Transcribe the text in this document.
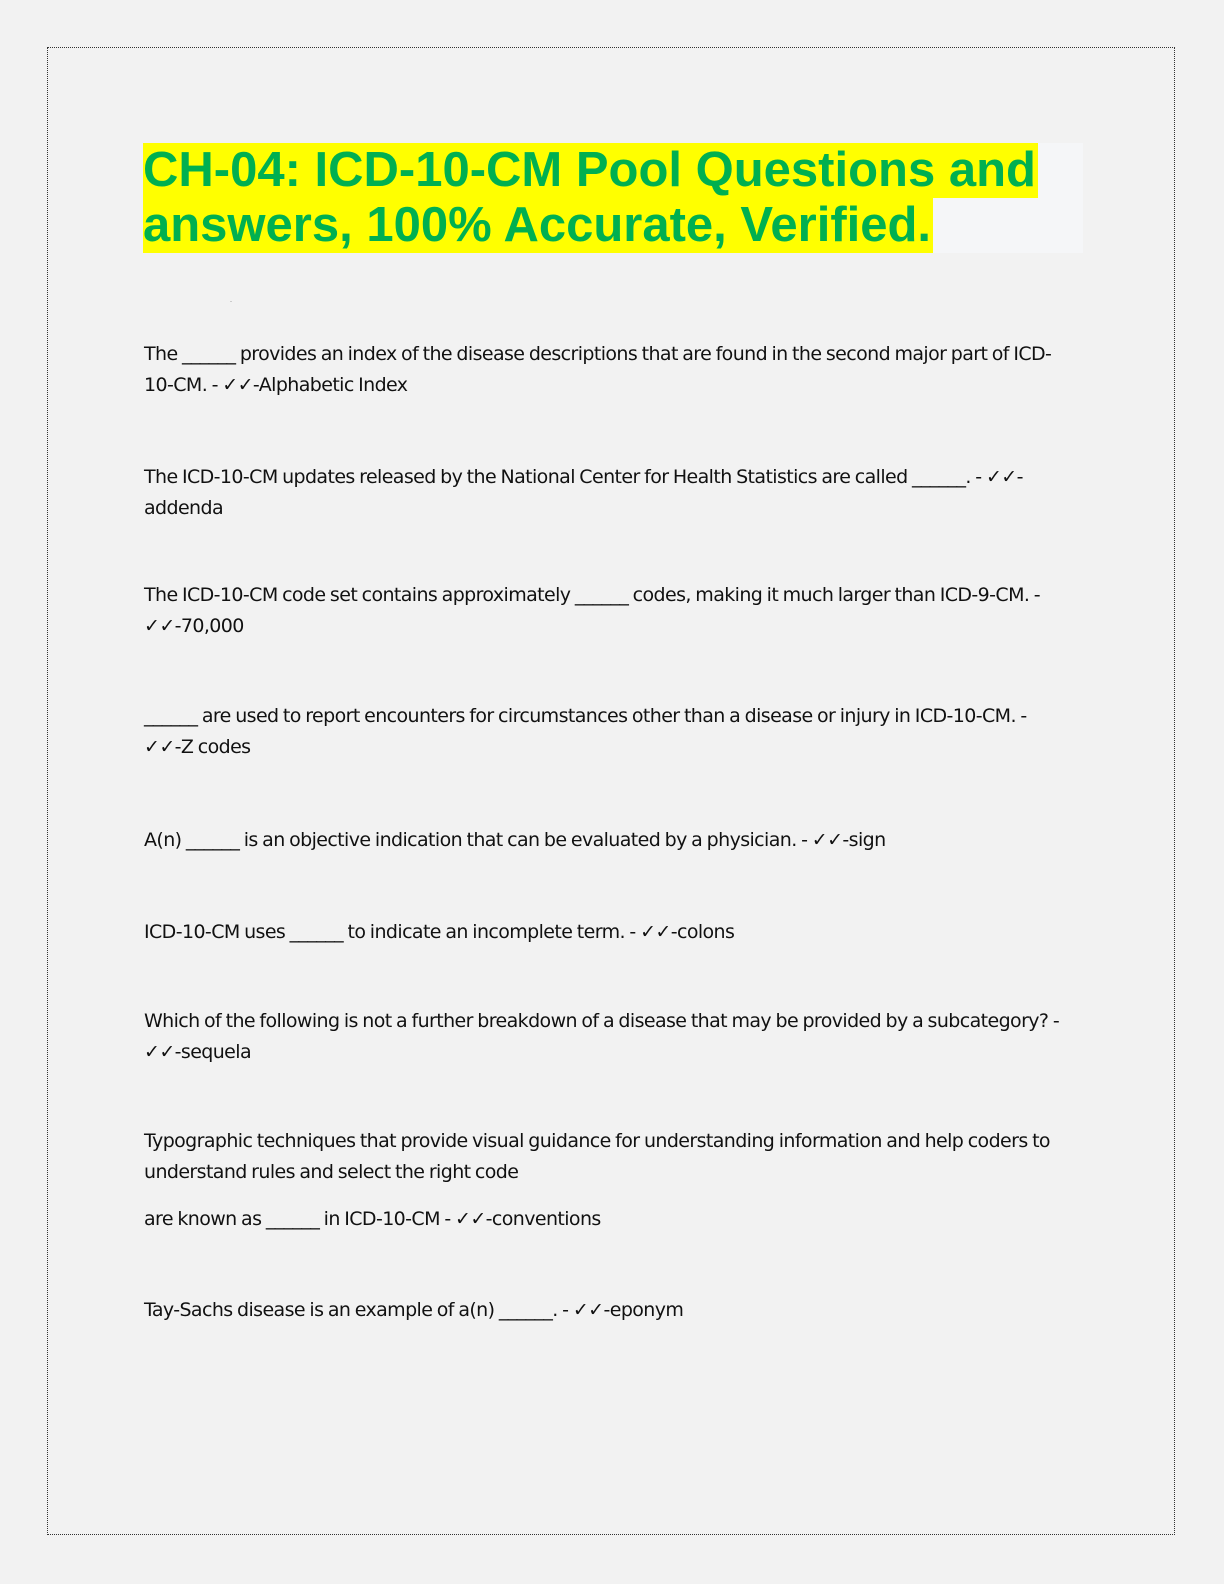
CH-04: ICD-10-CM Pool Questions and
answers, 100% Accurate, Verified.

The ______ provides an index of the disease descriptions that are found in the second major part of ICD-

10-CM. - ✓✓-Alphabetic Index

The ICD-10-CM updates released by the National Center for Health Statistics are called ______. - ✓✓-

addenda

The ICD-10-CM code set contains approximately ______ codes, making it much larger than ICD-9-CM. -

✓✓-70,000

______ are used to report encounters for circumstances other than a disease or injury in ICD-10-CM. -

✓✓-Z codes

A(n) ______ is an objective indication that can be evaluated by a physician. - ✓✓-sign

ICD-10-CM uses ______ to indicate an incomplete term. - ✓✓-colons

Which of the following is not a further breakdown of a disease that may be provided by a subcategory? -

✓✓-sequela

Typographic techniques that provide visual guidance for understanding information and help coders to

understand rules and select the right code

are known as ______ in ICD-10-CM - ✓✓-conventions

Tay-Sachs disease is an example of a(n) ______. - ✓✓-eponym
